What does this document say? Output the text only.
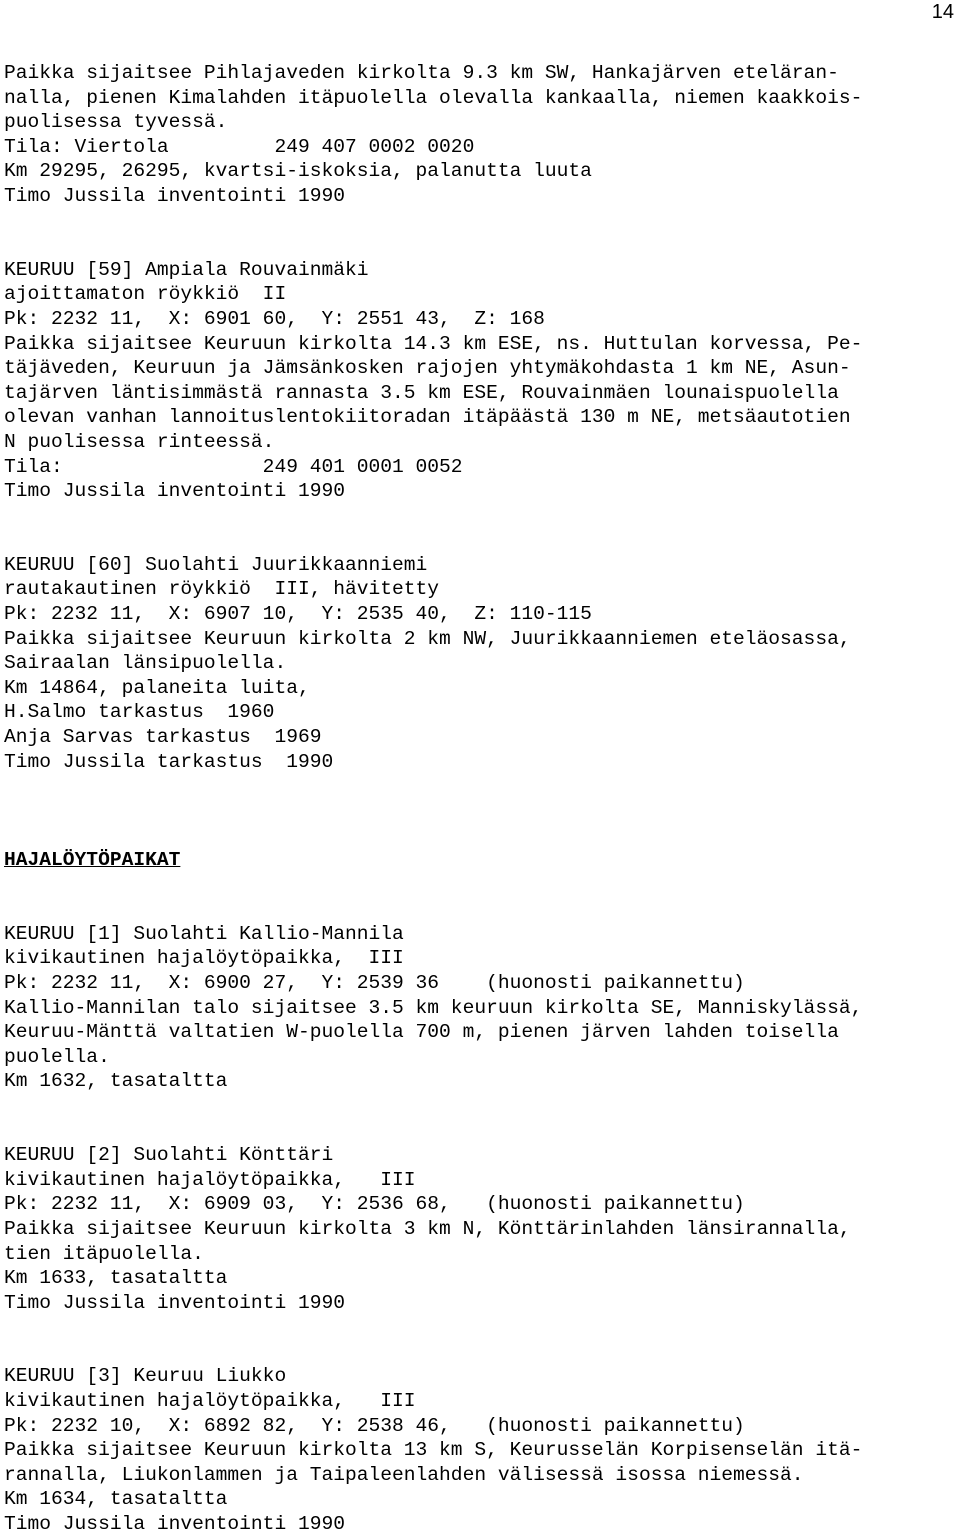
14
Paikka sijaitsee Pihlajaveden kirkolta 9.3 km SW, Hankajärven eteläran-
nalla, pienen Kimalahden itäpuolella olevalla kankaalla, niemen kaakkois-
puolisessa tyvessä.
Tila: Viertola         249 407 0002 0020
Km 29295, 26295, kvartsi-iskoksia, palanutta luuta
Timo Jussila inventointi 1990
KEURUU [59] Ampiala Rouvainmäki
ajoittamaton röykkiö  II
Pk: 2232 11,  X: 6901 60,  Y: 2551 43,  Z: 168
Paikka sijaitsee Keuruun kirkolta 14.3 km ESE, ns. Huttulan korvessa, Pe-
täjäveden, Keuruun ja Jämsänkosken rajojen yhtymäkohdasta 1 km NE, Asun-
tajärven läntisimmästä rannasta 3.5 km ESE, Rouvainmäen lounaispuolella
olevan vanhan lannoituslentokiitoradan itäpäästä 130 m NE, metsäautotien
N puolisessa rinteessä.
Tila:                 249 401 0001 0052
Timo Jussila inventointi 1990
KEURUU [60] Suolahti Juurikkaanniemi
rautakautinen röykkiö  III, hävitetty
Pk: 2232 11,  X: 6907 10,  Y: 2535 40,  Z: 110-115
Paikka sijaitsee Keuruun kirkolta 2 km NW, Juurikkaanniemen eteläosassa,
Sairaalan länsipuolella.
Km 14864, palaneita luita,
H.Salmo tarkastus  1960
Anja Sarvas tarkastus  1969
Timo Jussila tarkastus  1990
HAJALÖYTÖPAIKAT
KEURUU [1] Suolahti Kallio-Mannila
kivikautinen hajalöytöpaikka,  III
Pk: 2232 11,  X: 6900 27,  Y: 2539 36    (huonosti paikannettu)
Kallio-Mannilan talo sijaitsee 3.5 km keuruun kirkolta SE, Manniskylässä,
Keuruu-Mänttä valtatien W-puolella 700 m, pienen järven lahden toisella
puolella.
Km 1632, tasataltta
KEURUU [2] Suolahti Könttäri
kivikautinen hajalöytöpaikka,   III
Pk: 2232 11,  X: 6909 03,  Y: 2536 68,   (huonosti paikannettu)
Paikka sijaitsee Keuruun kirkolta 3 km N, Könttärinlahden länsirannalla,
tien itäpuolella.
Km 1633, tasataltta
Timo Jussila inventointi 1990
KEURUU [3] Keuruu Liukko
kivikautinen hajalöytöpaikka,   III
Pk: 2232 10,  X: 6892 82,  Y: 2538 46,   (huonosti paikannettu)
Paikka sijaitsee Keuruun kirkolta 13 km S, Keurusselän Korpisenselän itä-
rannalla, Liukonlammen ja Taipaleenlahden välisessä isossa niemessä.
Km 1634, tasataltta
Timo Jussila inventointi 1990
